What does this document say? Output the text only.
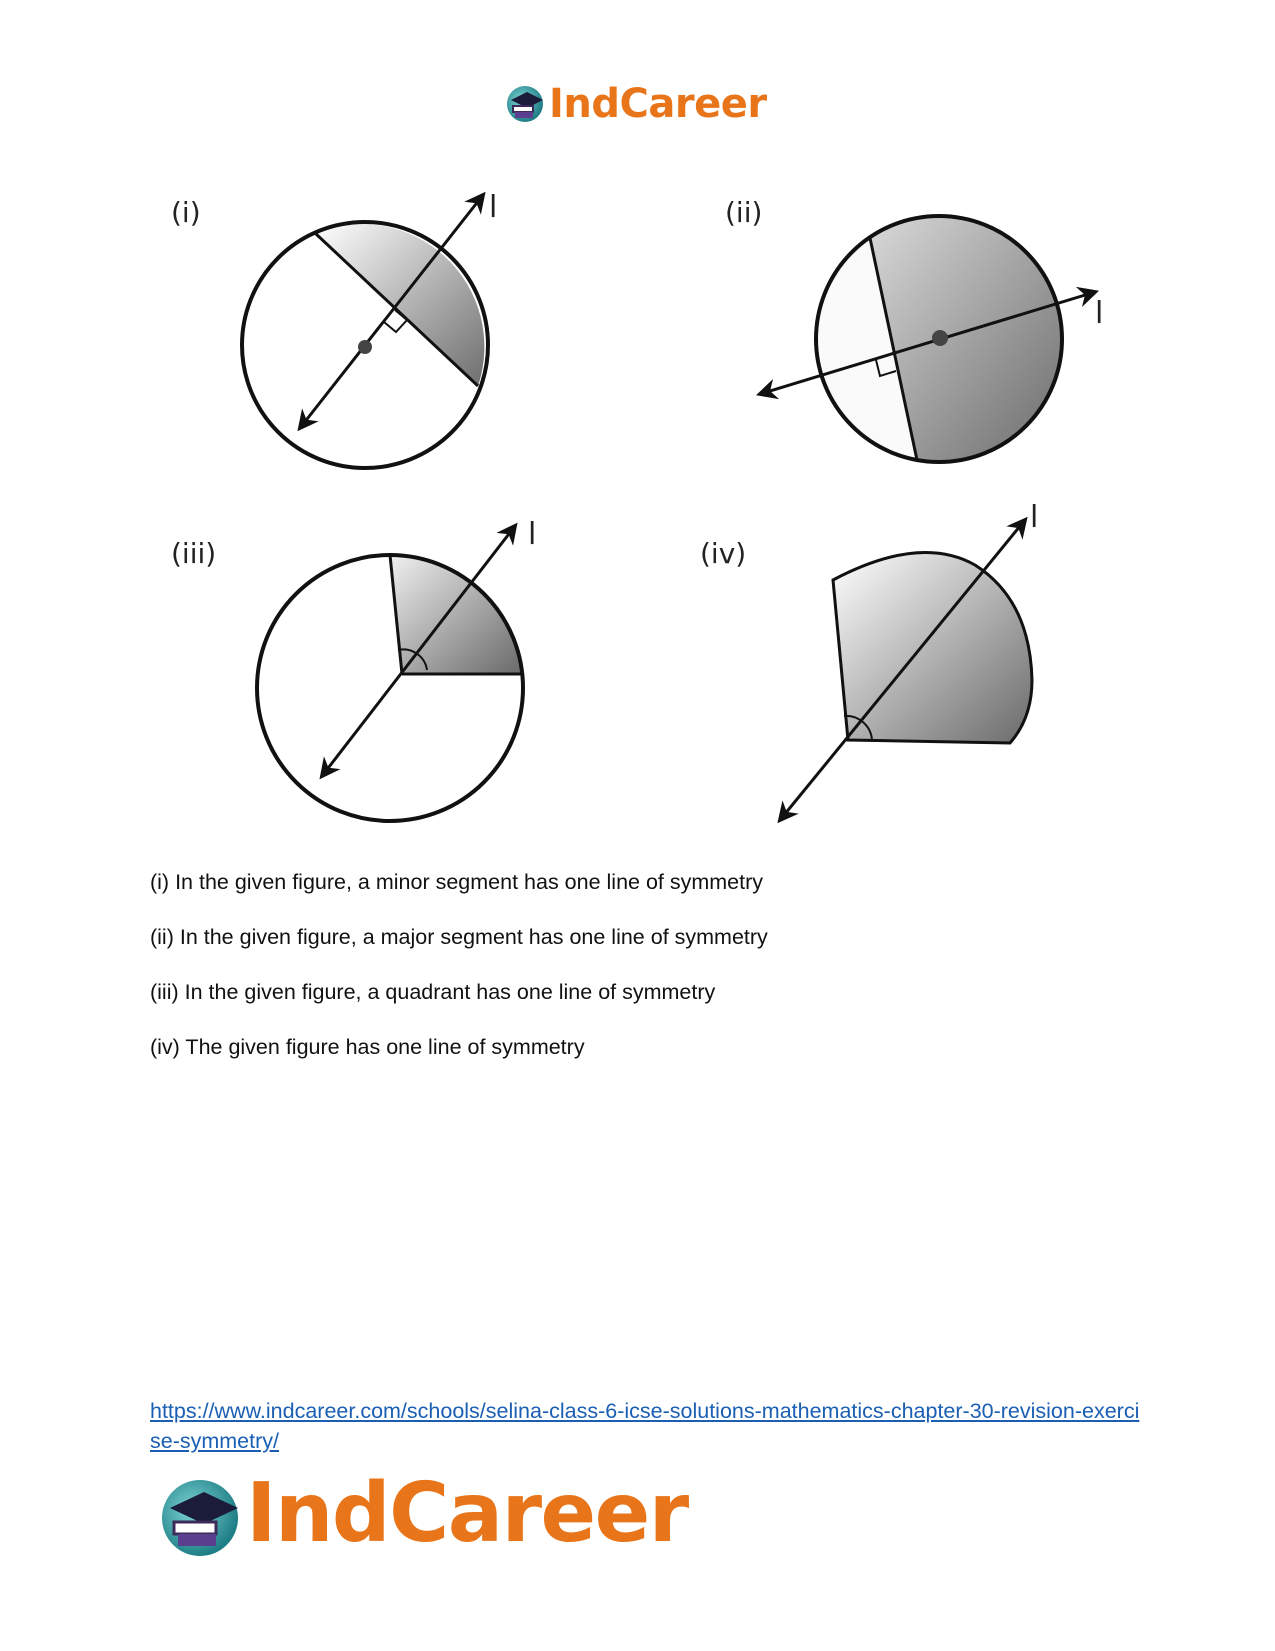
IndCareer
(i)	l	(ii)
l
(iii)
l
(iv)
l

(i) In the given figure, a minor segment has one line of symmetry

(ii) In the given figure, a major segment has one line of symmetry

(iii) In the given figure, a quadrant has one line of symmetry

(iv) The given figure has one line of symmetry

https://www.indcareer.com/schools/selina-class-6-icse-solutions-mathematics-chapter-30-revision-exercise-symmetry/
IndCareer
